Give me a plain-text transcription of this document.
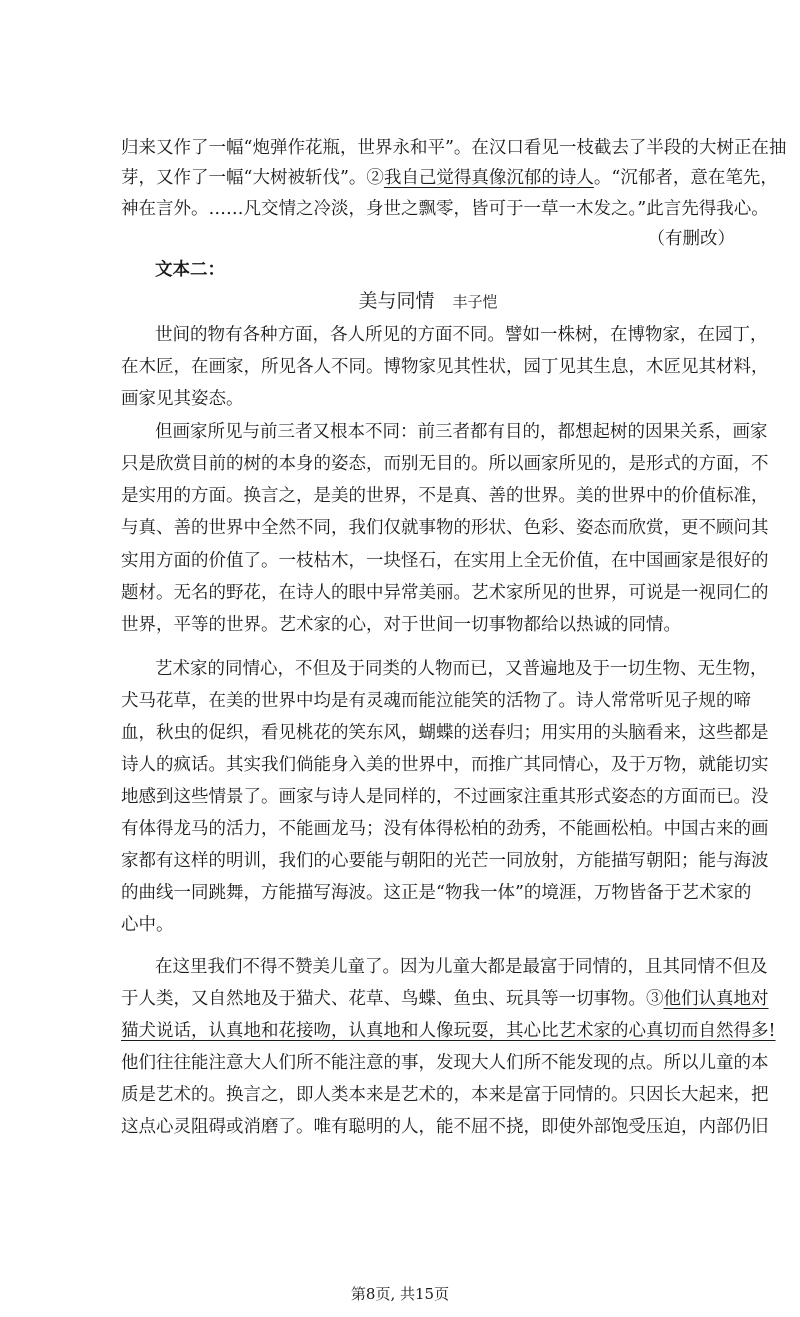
归来又作了一幅“炮弹作花瓶，世界永和平”。在汉口看见一枝截去了半段的大树正在抽
芽，又作了一幅“大树被斩伐”。②我自己觉得真像沉郁的诗人。“沉郁者，意在笔先，
神在言外。……凡交情之冷淡，身世之飘零，皆可于一草一木发之。”此言先得我心。
（有删改）
文本二：
美与同情 丰子恺
世间的物有各种方面，各人所见的方面不同。譬如一株树，在博物家，在园丁，
在木匠，在画家，所见各人不同。博物家见其性状，园丁见其生息，木匠见其材料，
画家见其姿态。
但画家所见与前三者又根本不同：前三者都有目的，都想起树的因果关系，画家
只是欣赏目前的树的本身的姿态，而别无目的。所以画家所见的，是形式的方面，不
是实用的方面。换言之，是美的世界，不是真、善的世界。美的世界中的价值标准，
与真、善的世界中全然不同，我们仅就事物的形状、色彩、姿态而欣赏，更不顾问其
实用方面的价值了。一枝枯木，一块怪石，在实用上全无价值，在中国画家是很好的
题材。无名的野花，在诗人的眼中异常美丽。艺术家所见的世界，可说是一视同仁的
世界，平等的世界。艺术家的心，对于世间一切事物都给以热诚的同情。
艺术家的同情心，不但及于同类的人物而已，又普遍地及于一切生物、无生物，
犬马花草，在美的世界中均是有灵魂而能泣能笑的活物了。诗人常常听见子规的啼
血，秋虫的促织，看见桃花的笑东风，蝴蝶的送春归；用实用的头脑看来，这些都是
诗人的疯话。其实我们倘能身入美的世界中，而推广其同情心，及于万物，就能切实
地感到这些情景了。画家与诗人是同样的，不过画家注重其形式姿态的方面而已。没
有体得龙马的活力，不能画龙马；没有体得松柏的劲秀，不能画松柏。中国古来的画
家都有这样的明训，我们的心要能与朝阳的光芒一同放射，方能描写朝阳；能与海波
的曲线一同跳舞，方能描写海波。这正是“物我一体”的境涯，万物皆备于艺术家的
心中。
在这里我们不得不赞美儿童了。因为儿童大都是最富于同情的，且其同情不但及
于人类，又自然地及于猫犬、花草、鸟蝶、鱼虫、玩具等一切事物。③他们认真地对
猫犬说话，认真地和花接吻，认真地和人像玩耍，其心比艺术家的心真切而自然得多!
他们往往能注意大人们所不能注意的事，发现大人们所不能发现的点。所以儿童的本
质是艺术的。换言之，即人类本来是艺术的，本来是富于同情的。只因长大起来，把
这点心灵阻碍或消磨了。唯有聪明的人，能不屈不挠，即使外部饱受压迫，内部仍旧
第8页, 共15页
